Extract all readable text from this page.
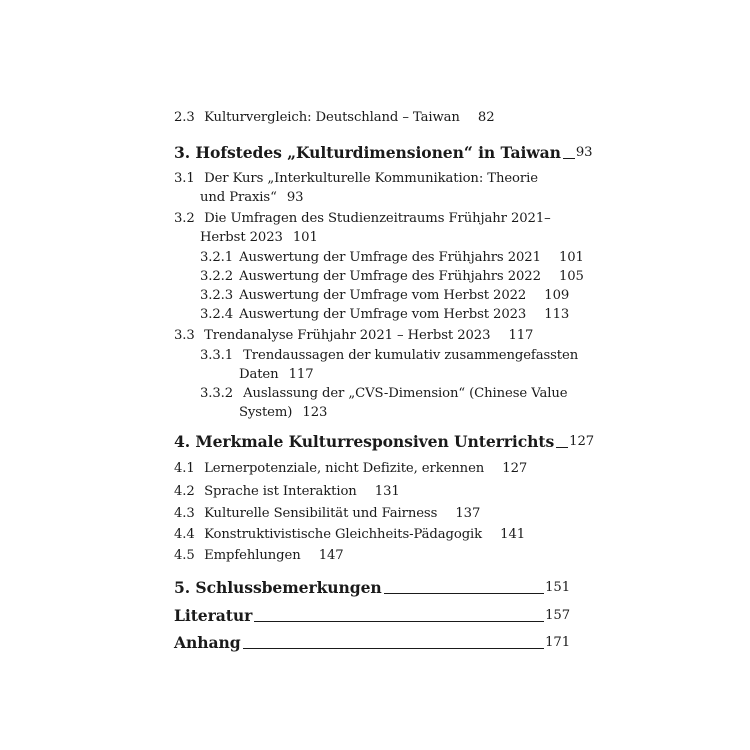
2.3 Kulturvergleich: Deutschland – Taiwan 82
3. Hofstedes „Kulturdimensionen“ in Taiwan 93
3.1 Der Kurs „Interkulturelle Kommunikation: Theorie
und Praxis“ 93
3.2 Die Umfragen des Studienzeitraums Frühjahr 2021–
Herbst 2023 101
3.2.1 Auswertung der Umfrage des Frühjahrs 2021 101
3.2.2 Auswertung der Umfrage des Frühjahrs 2022 105
3.2.3 Auswertung der Umfrage vom Herbst 2022 109
3.2.4 Auswertung der Umfrage vom Herbst 2023 113
3.3 Trendanalyse Frühjahr 2021 – Herbst 2023 117
3.3.1 Trendaussagen der kumulativ zusammengefassten
Daten 117
3.3.2 Auslassung der „CVS-Dimension“ (Chinese Value
System) 123
4. Merkmale Kulturresponsiven Unterrichts 127
4.1 Lernerpotenziale, nicht Defizite, erkennen 127
4.2 Sprache ist Interaktion 131
4.3 Kulturelle Sensibilität und Fairness 137
4.4 Konstruktivistische Gleichheits-Pädagogik 141
4.5 Empfehlungen 147
5. Schlussbemerkungen	151
Literatur	157
Anhang	171
